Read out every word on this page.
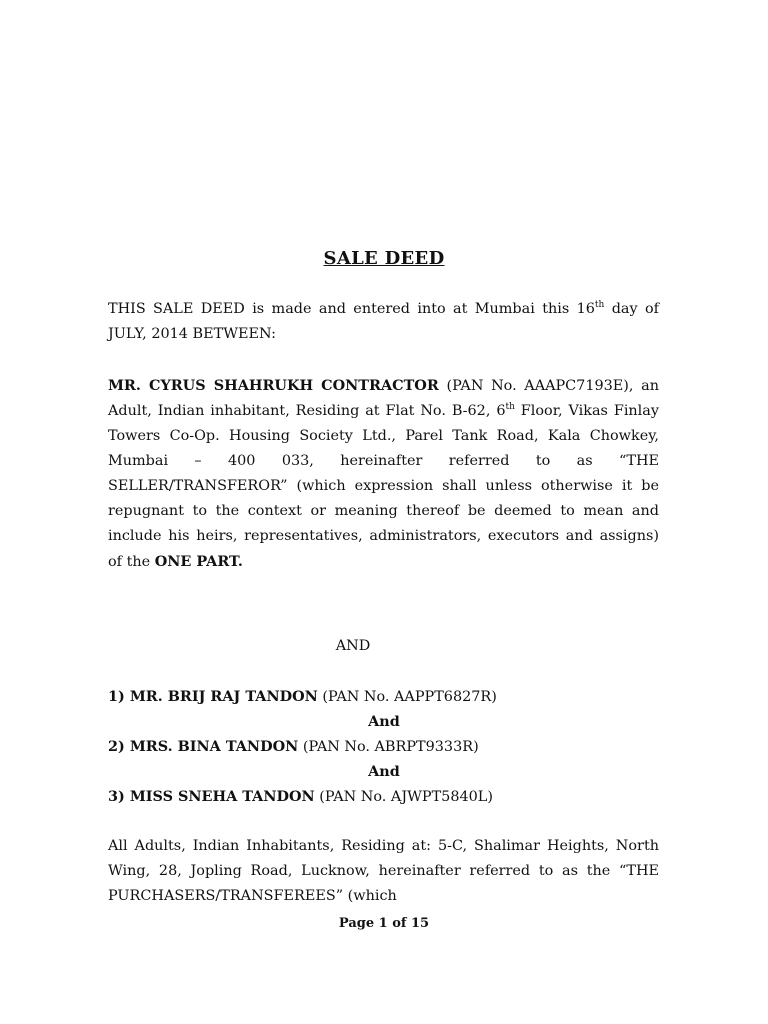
SALE DEED
THIS SALE DEED is made and entered into at Mumbai this 16th day of JULY, 2014 BETWEEN:
MR. CYRUS SHAHRUKH CONTRACTOR (PAN No. AAAPC7193E), an Adult, Indian inhabitant, Residing at Flat No. B-62, 6th Floor, Vikas Finlay Towers Co-Op. Housing Society Ltd., Parel Tank Road, Kala Chowkey, Mumbai – 400 033, hereinafter referred to as “THE SELLER/TRANSFEROR” (which expression shall unless otherwise it be repugnant to the context or meaning thereof be deemed to mean and include his heirs, representatives, administrators, executors and assigns) of the ONE PART.
AND
1) MR. BRIJ RAJ TANDON (PAN No. AAPPT6827R)
And
2) MRS. BINA TANDON (PAN No. ABRPT9333R)
And
3) MISS SNEHA TANDON (PAN No. AJWPT5840L)
All Adults, Indian Inhabitants, Residing at: 5-C, Shalimar Heights, North Wing, 28, Jopling Road, Lucknow, hereinafter referred to as the “THE PURCHASERS/TRANSFEREES” (which
Page 1 of 15
